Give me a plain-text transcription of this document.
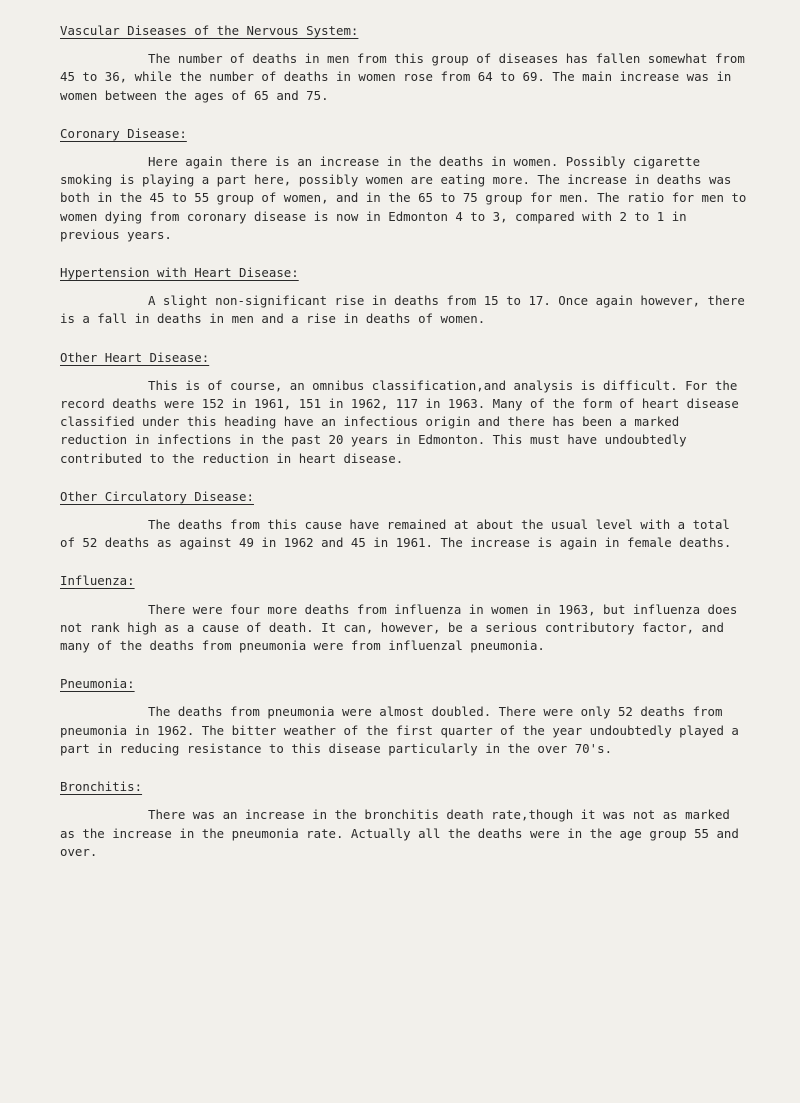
Vascular Diseases of the Nervous System:

The number of deaths in men from this group of diseases has fallen somewhat from 45 to 36, while the number of deaths in women rose from 64 to 69. The main increase was in women between the ages of 65 and 75.

Coronary Disease:

Here again there is an increase in the deaths in women. Possibly cigarette smoking is playing a part here, possibly women are eating more. The increase in deaths was both in the 45 to 55 group of women, and in the 65 to 75 group for men. The ratio for men to women dying from coronary disease is now in Edmonton 4 to 3, compared with 2 to 1 in previous years.

Hypertension with Heart Disease:

A slight non-significant rise in deaths from 15 to 17. Once again however, there is a fall in deaths in men and a rise in deaths of women.

Other Heart Disease:

This is of course, an omnibus classification,and analysis is difficult. For the record deaths were 152 in 1961, 151 in 1962, 117 in 1963. Many of the form of heart disease classified under this heading have an infectious origin and there has been a marked reduction in infections in the past 20 years in Edmonton. This must have undoubtedly contributed to the reduction in heart disease.

Other Circulatory Disease:

The deaths from this cause have remained at about the usual level with a total of 52 deaths as against 49 in 1962 and 45 in 1961. The increase is again in female deaths.

Influenza:

There were four more deaths from influenza in women in 1963, but influenza does not rank high as a cause of death. It can, however, be a serious contributory factor, and many of the deaths from pneumonia were from influenzal pneumonia.

Pneumonia:

The deaths from pneumonia were almost doubled. There were only 52 deaths from pneumonia in 1962. The bitter weather of the first quarter of the year undoubtedly played a part in reducing resistance to this disease particularly in the over 70's.

Bronchitis:

There was an increase in the bronchitis death rate,though it was not as marked as the increase in the pneumonia rate. Actually all the deaths were in the age group 55 and over.
